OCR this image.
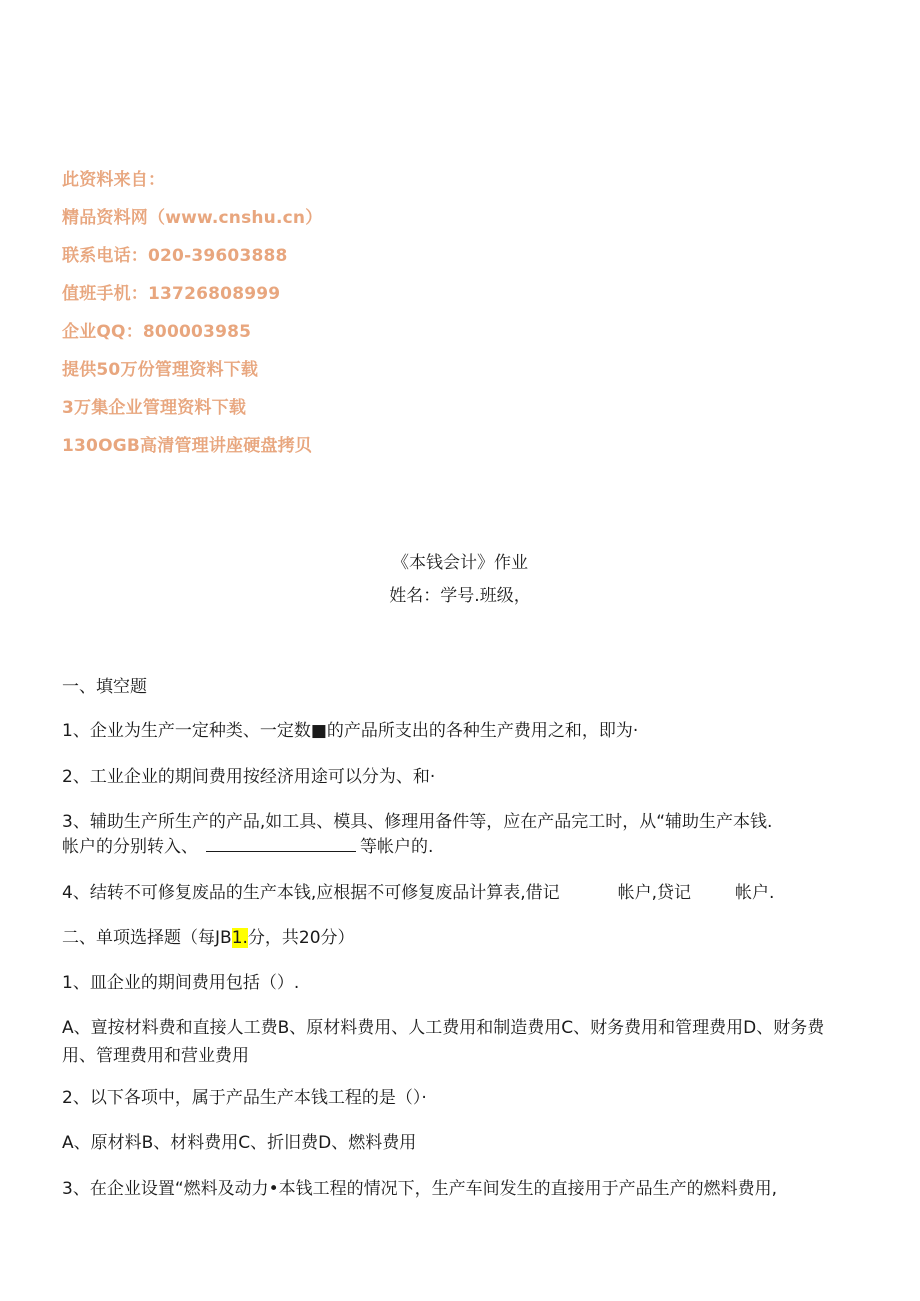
此资料来自：
精品资料网（www.cnshu.cn）
联系电话：020-39603888
值班手机：13726808999
企业QQ：800003985
提供50万份管理资料下载
3万集企业管理资料下载
130OGB高清管理讲座硬盘拷贝
《本钱会计》作业
姓名：学号.班级，
一、填空题
1、企业为生产一定种类、一定数■的产品所支出的各种生产费用之和，即为·
2、工业企业的期间费用按经济用途可以分为、和·
3、辅助生产所生产的产品,如工具、模具、修理用备件等，应在产品完工时，从“辅助生产本钱.
帐户的分别转入、	等帐户的.
4、结转不可修复废品的生产本钱,应根据不可修复废品计算表,借记	帐户,贷记	帐户.
二、单项选择题（每JB1.分，共20分）
1、皿企业的期间费用包括（）.
A、亶按材料费和直接人工费B、原材料费用、人工费用和制造费用C、财务费用和管理费用D、财务费用、管理费用和营业费用
2、以下各项中，属于产品生产本钱工程的是（）·
A、原材料B、材料费用C、折旧费D、燃料费用
3、在企业设置“燃料及动力•本钱工程的情况下，生产车间发生的直接用于产品生产的燃料费用,
